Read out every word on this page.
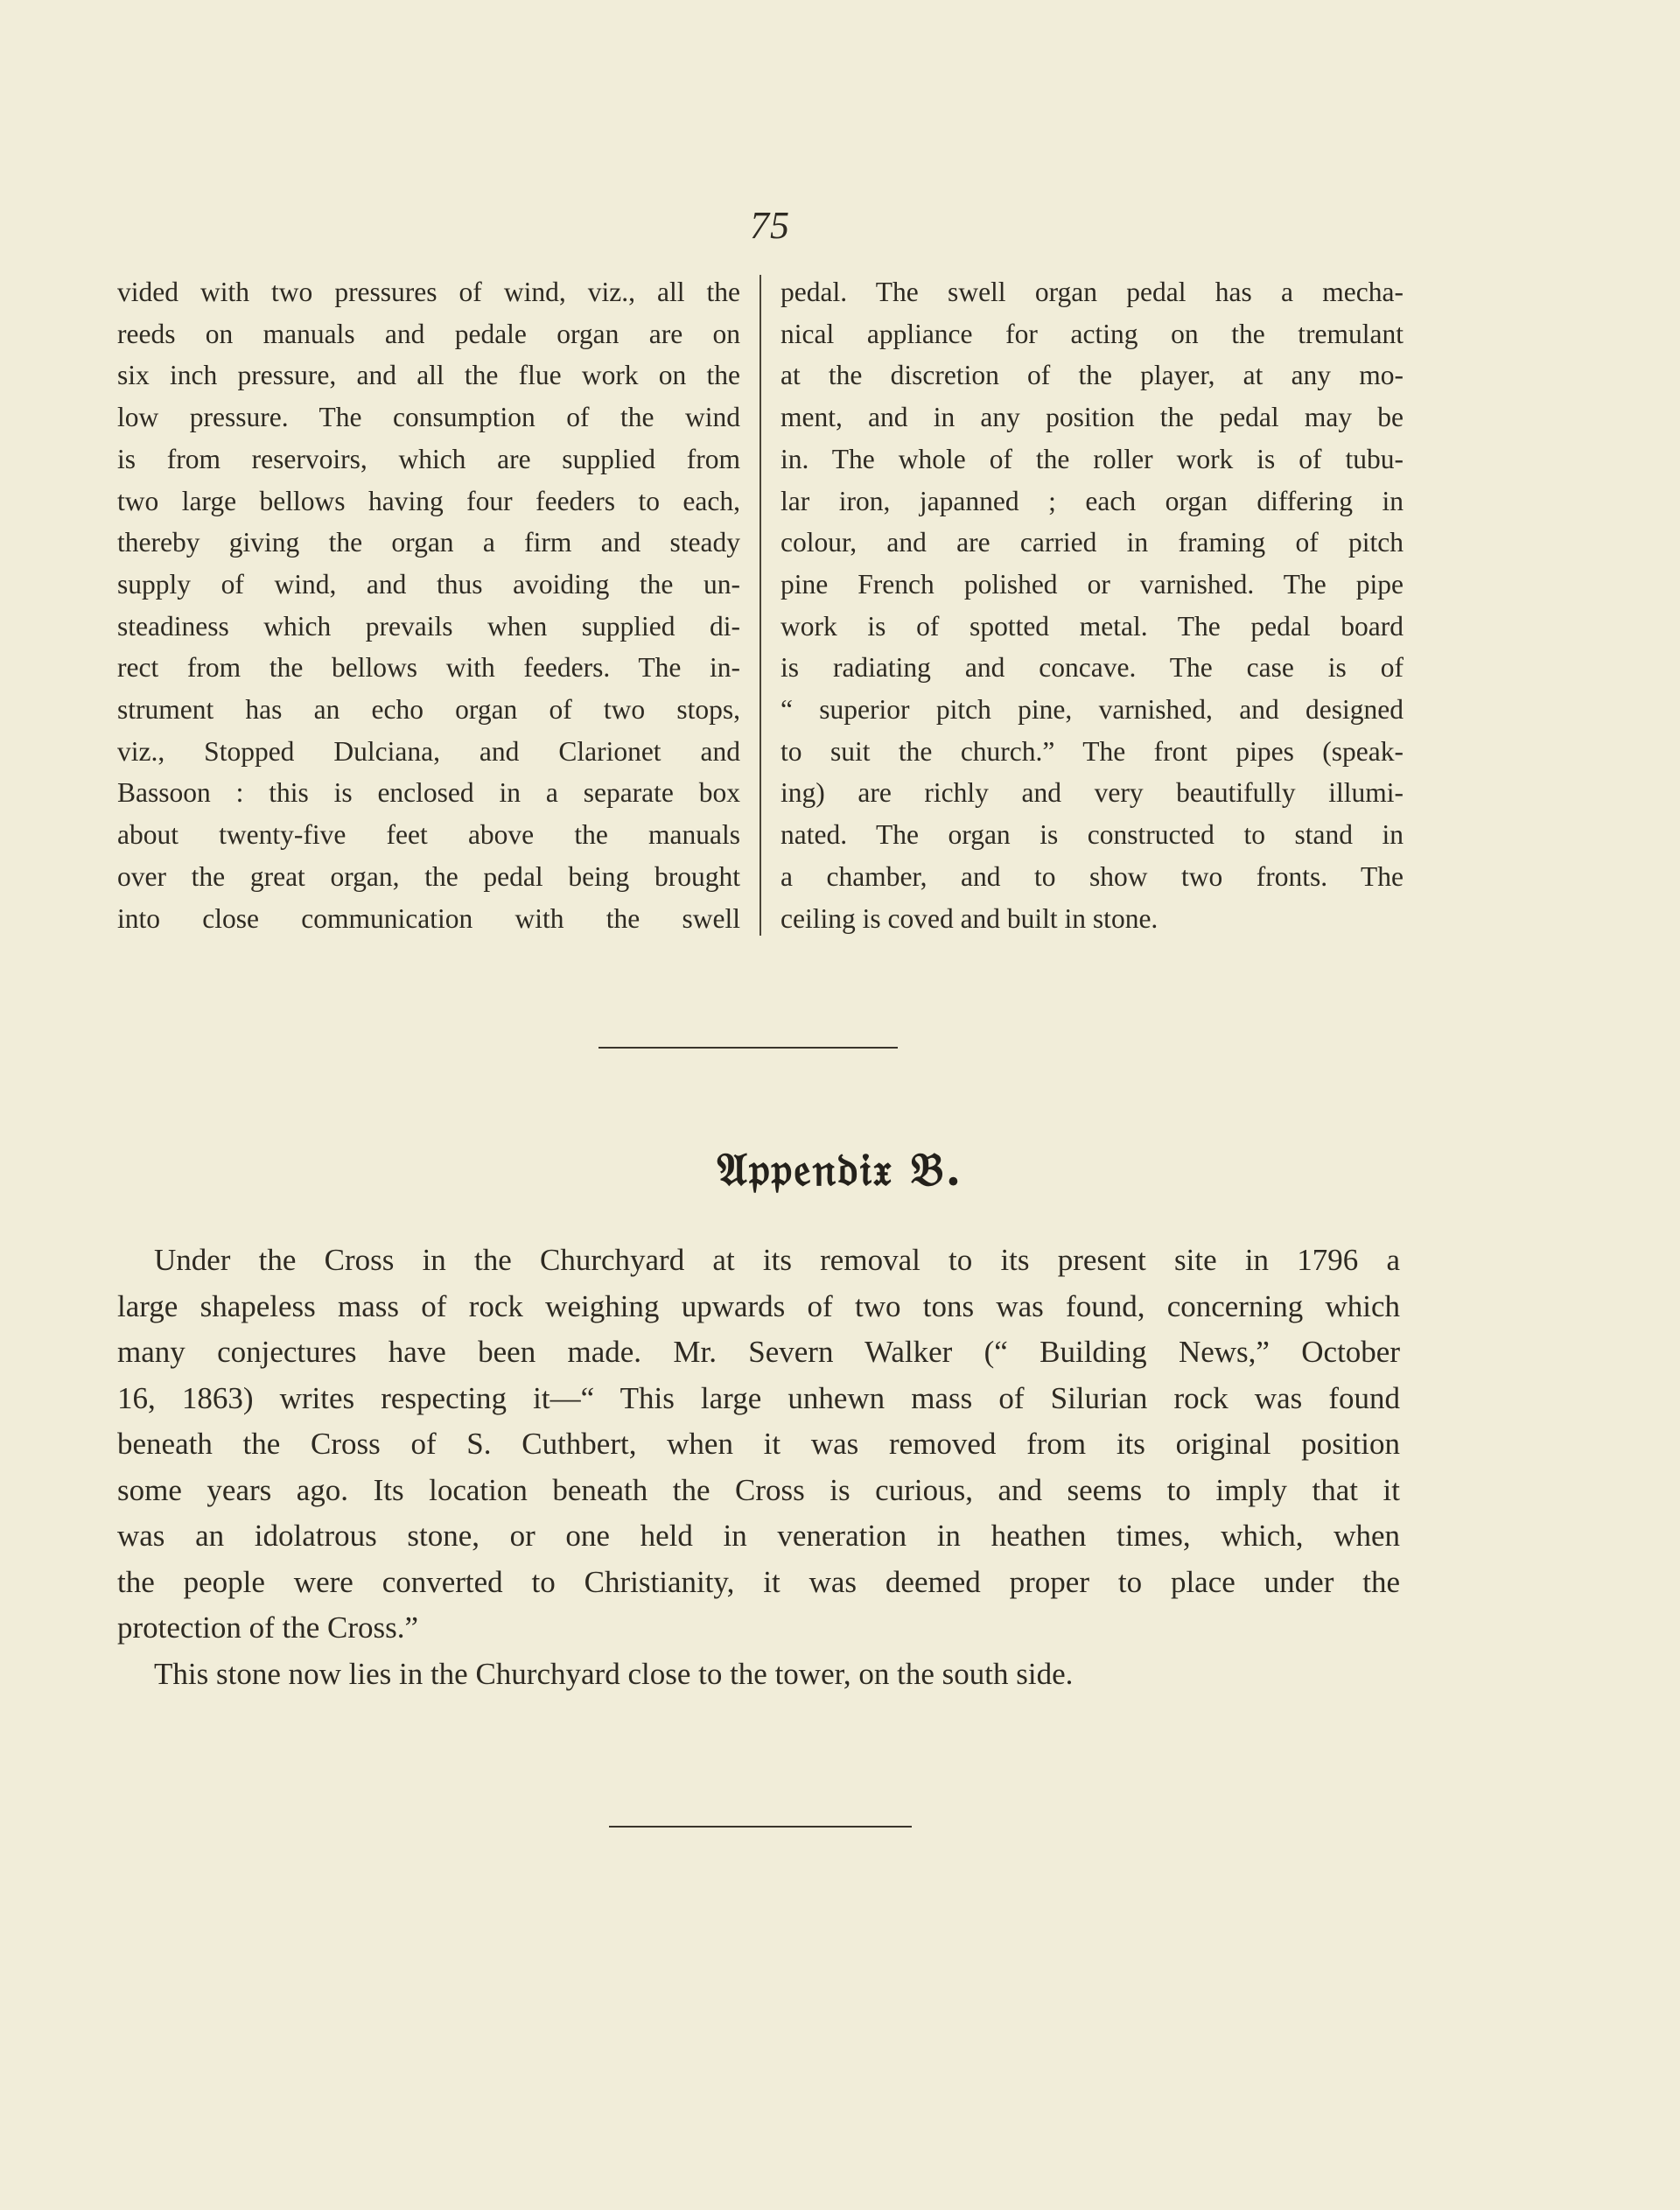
75
vided with two pressures of wind, viz., all the
reeds on manuals and pedale organ are on
six inch pressure, and all the flue work on the
low pressure. The consumption of the wind
is from reservoirs, which are supplied from
two large bellows having four feeders to each,
thereby giving the organ a firm and steady
supply of wind, and thus avoiding the un-
steadiness which prevails when supplied di-
rect from the bellows with feeders. The in-
strument has an echo organ of two stops,
viz., Stopped Dulciana, and Clarionet and
Bassoon : this is enclosed in a separate box
about twenty-five feet above the manuals
over the great organ, the pedal being brought
into close communication with the swell
pedal. The swell organ pedal has a mecha-
nical appliance for acting on the tremulant
at the discretion of the player, at any mo-
ment, and in any position the pedal may be
in. The whole of the roller work is of tubu-
lar iron, japanned ; each organ differing in
colour, and are carried in framing of pitch
pine French polished or varnished. The pipe
work is of spotted metal. The pedal board
is radiating and concave. The case is of
“ superior pitch pine, varnished, and designed
to suit the church.” The front pipes (speak-
ing) are richly and very beautifully illumi-
nated. The organ is constructed to stand in
a chamber, and to show two fronts. The
ceiling is coved and built in stone.
𝔄𝔭𝔭𝔢𝔫𝔡𝔦𝔵 𝔅.
Under the Cross in the Churchyard at its removal to its present site in 1796 a
large shapeless mass of rock weighing upwards of two tons was found, concerning which
many conjectures have been made. Mr. Severn Walker (“ Building News,” October
16, 1863) writes respecting it—“ This large unhewn mass of Silurian rock was found
beneath the Cross of S. Cuthbert, when it was removed from its original position
some years ago. Its location beneath the Cross is curious, and seems to imply that it
was an idolatrous stone, or one held in veneration in heathen times, which, when
the people were converted to Christianity, it was deemed proper to place under the
protection of the Cross.”
This stone now lies in the Churchyard close to the tower, on the south side.
